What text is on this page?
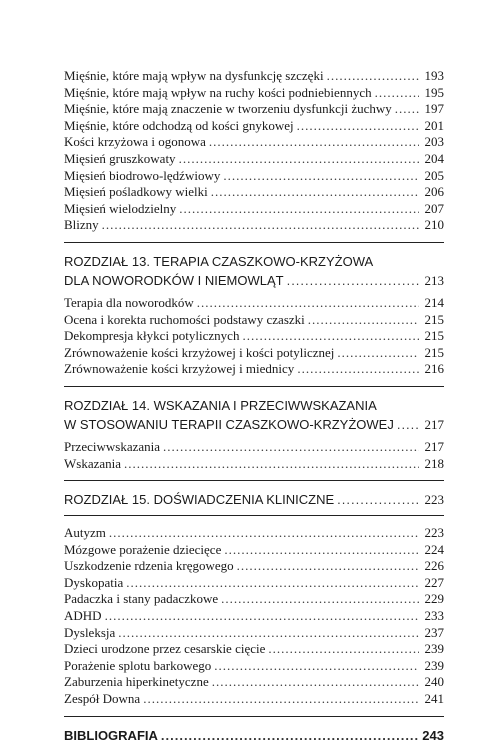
Mięśnie, które mają wpływ na dysfunkcję szczęki .....	193
Mięśnie, które mają wpływ na ruchy kości podniebiennych .....	195
Mięśnie, które mają znaczenie w tworzeniu dysfunkcji żuchwy .....	197
Mięśnie, które odchodzą od kości gnykowej .....	201
Kości krzyżowa i ogonowa .....	203
Mięsień gruszkowaty .....	204
Mięsień biodrowo-lędźwiowy .....	205
Mięsień pośladkowy wielki .....	206
Mięsień wielodzielny .....	207
Blizny .....	210
ROZDZIAŁ 13. TERAPIA CZASZKOWO-KRZYŻOWA
DLA NOWORODKÓW I NIEMOWLĄT .....	213
Terapia dla noworodków .....	214
Ocena i korekta ruchomości podstawy czaszki .....	215
Dekompresja kłykci potylicznych .....	215
Zrównoważenie kości krzyżowej i kości potylicznej .....	215
Zrównoważenie kości krzyżowej i miednicy .....	216
ROZDZIAŁ 14. WSKAZANIA I PRZECIWWSKAZANIA
W STOSOWANIU TERAPII CZASZKOWO-KRZYŻOWEJ ..... 217
Przeciwwskazania .....	217
Wskazania .....	218
ROZDZIAŁ 15. DOŚWIADCZENIA KLINICZNE .....	223
Autyzm .....	223
Mózgowe porażenie dziecięce .....	224
Uszkodzenie rdzenia kręgowego .....	226
Dyskopatia .....	227
Padaczka i stany padaczkowe .....	229
ADHD .....	233
Dysleksja .....	237
Dzieci urodzone przez cesarskie cięcie .....	239
Porażenie splotu barkowego .....	239
Zaburzenia hiperkinetyczne .....	240
Zespół Downa .....	241
BIBLIOGRAFIA .....	243
